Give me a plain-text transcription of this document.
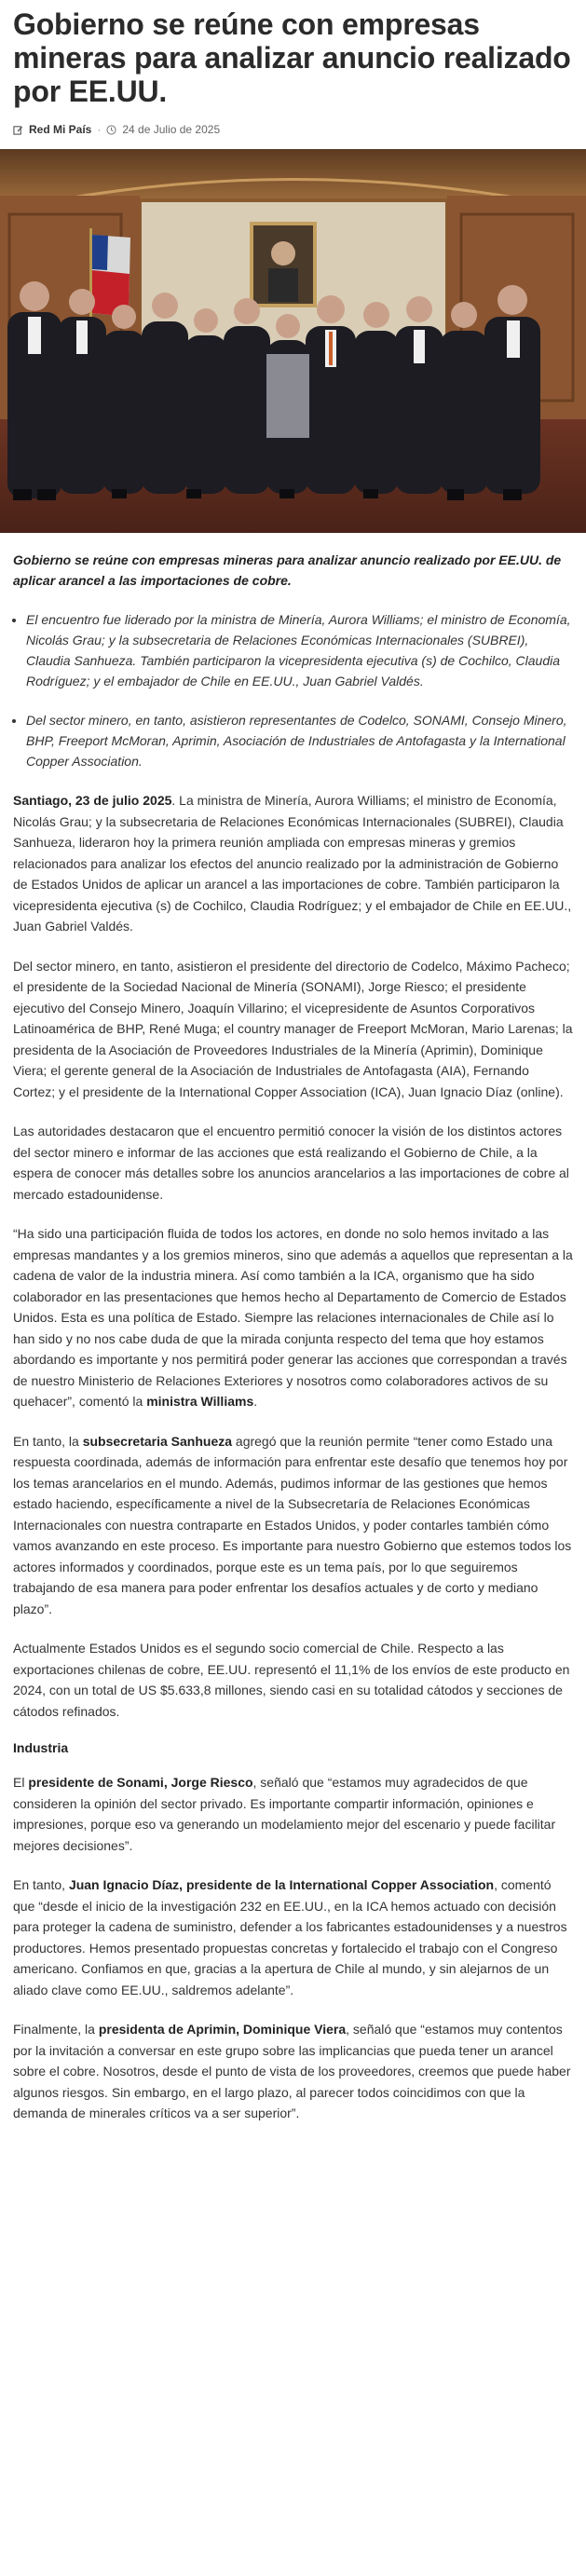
Gobierno se reúne con empresas mineras para analizar anuncio realizado por EE.UU.
Red Mi País · 24 de Julio de 2025

Gobierno se reúne con empresas mineras para analizar anuncio realizado por EE.UU. de aplicar arancel a las importaciones de cobre.

• El encuentro fue liderado por la ministra de Minería, Aurora Williams; el ministro de Economía, Nicolás Grau; y la subsecretaria de Relaciones Económicas Internacionales (SUBREI), Claudia Sanhueza. También participaron la vicepresidenta ejecutiva (s) de Cochilco, Claudia Rodríguez; y el embajador de Chile en EE.UU., Juan Gabriel Valdés.
• Del sector minero, en tanto, asistieron representantes de Codelco, SONAMI, Consejo Minero, BHP, Freeport McMoran, Aprimin, Asociación de Industriales de Antofagasta y la International Copper Association.

Santiago, 23 de julio 2025. La ministra de Minería, Aurora Williams; el ministro de Economía, Nicolás Grau; y la subsecretaria de Relaciones Económicas Internacionales (SUBREI), Claudia Sanhueza, lideraron hoy la primera reunión ampliada con empresas mineras y gremios relacionados para analizar los efectos del anuncio realizado por la administración de Gobierno de Estados Unidos de aplicar un arancel a las importaciones de cobre. También participaron la vicepresidenta ejecutiva (s) de Cochilco, Claudia Rodríguez; y el embajador de Chile en EE.UU., Juan Gabriel Valdés.

Del sector minero, en tanto, asistieron el presidente del directorio de Codelco, Máximo Pacheco; el presidente de la Sociedad Nacional de Minería (SONAMI), Jorge Riesco; el presidente ejecutivo del Consejo Minero, Joaquín Villarino; el vicepresidente de Asuntos Corporativos Latinoamérica de BHP, René Muga; el country manager de Freeport McMoran, Mario Larenas; la presidenta de la Asociación de Proveedores Industriales de la Minería (Aprimin), Dominique Viera; el gerente general de la Asociación de Industriales de Antofagasta (AIA), Fernando Cortez; y el presidente de la International Copper Association (ICA), Juan Ignacio Díaz (online).

Las autoridades destacaron que el encuentro permitió conocer la visión de los distintos actores del sector minero e informar de las acciones que está realizando el Gobierno de Chile, a la espera de conocer más detalles sobre los anuncios arancelarios a las importaciones de cobre al mercado estadounidense.

“Ha sido una participación fluida de todos los actores, en donde no solo hemos invitado a las empresas mandantes y a los gremios mineros, sino que además a aquellos que representan a la cadena de valor de la industria minera. Así como también a la ICA, organismo que ha sido colaborador en las presentaciones que hemos hecho al Departamento de Comercio de Estados Unidos. Esta es una política de Estado. Siempre las relaciones internacionales de Chile así lo han sido y no nos cabe duda de que la mirada conjunta respecto del tema que hoy estamos abordando es importante y nos permitirá poder generar las acciones que correspondan a través de nuestro Ministerio de Relaciones Exteriores y nosotros como colaboradores activos de su quehacer”, comentó la ministra Williams.

En tanto, la subsecretaria Sanhueza agregó que la reunión permite “tener como Estado una respuesta coordinada, además de información para enfrentar este desafío que tenemos hoy por los temas arancelarios en el mundo. Además, pudimos informar de las gestiones que hemos estado haciendo, específicamente a nivel de la Subsecretaría de Relaciones Económicas Internacionales con nuestra contraparte en Estados Unidos, y poder contarles también cómo vamos avanzando en este proceso. Es importante para nuestro Gobierno que estemos todos los actores informados y coordinados, porque este es un tema país, por lo que seguiremos trabajando de esa manera para poder enfrentar los desafíos actuales y de corto y mediano plazo”.

Actualmente Estados Unidos es el segundo socio comercial de Chile. Respecto a las exportaciones chilenas de cobre, EE.UU. representó el 11,1% de los envíos de este producto en 2024, con un total de US $5.633,8 millones, siendo casi en su totalidad cátodos y secciones de cátodos refinados.

Industria

El presidente de Sonami, Jorge Riesco, señaló que “estamos muy agradecidos de que consideren la opinión del sector privado. Es importante compartir información, opiniones e impresiones, porque eso va generando un modelamiento mejor del escenario y puede facilitar mejores decisiones”.

En tanto, Juan Ignacio Díaz, presidente de la International Copper Association, comentó que “desde el inicio de la investigación 232 en EE.UU., en la ICA hemos actuado con decisión para proteger la cadena de suministro, defender a los fabricantes estadounidenses y a nuestros productores. Hemos presentado propuestas concretas y fortalecido el trabajo con el Congreso americano. Confiamos en que, gracias a la apertura de Chile al mundo, y sin alejarnos de un aliado clave como EE.UU., saldremos adelante”.

Finalmente, la presidenta de Aprimin, Dominique Viera, señaló que “estamos muy contentos por la invitación a conversar en este grupo sobre las implicancias que pueda tener un arancel sobre el cobre. Nosotros, desde el punto de vista de los proveedores, creemos que puede haber algunos riesgos. Sin embargo, en el largo plazo, al parecer todos coincidimos con que la demanda de minerales críticos va a ser superior”.
